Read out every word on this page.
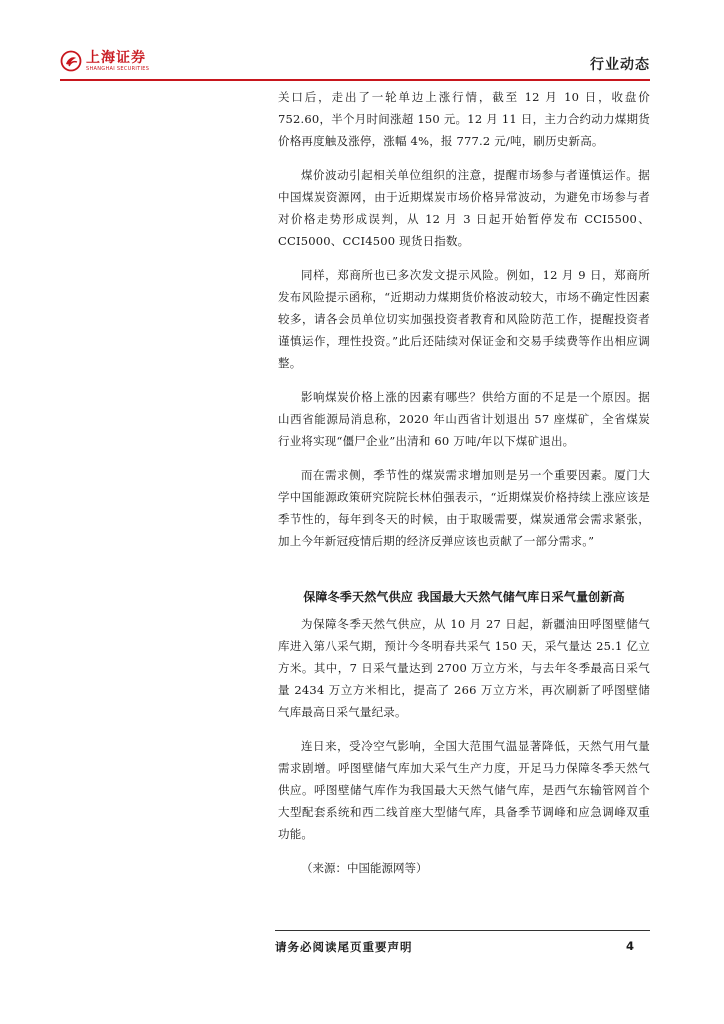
上海证券
SHANGHAI SECURITIES	行业动态

关口后，走出了一轮单边上涨行情，截至 12 月 10 日，收盘价 752.60，半个月时间涨超 150 元。12 月 11 日，主力合约动力煤期货价格再度触及涨停，涨幅 4%，报 777.2 元/吨，刷历史新高。

煤价波动引起相关单位组织的注意，提醒市场参与者谨慎运作。据中国煤炭资源网，由于近期煤炭市场价格异常波动，为避免市场参与者对价格走势形成误判，从 12 月 3 日起开始暂停发布 CCI5500、CCI5000、CCI4500 现货日指数。

同样，郑商所也已多次发文提示风险。例如，12 月 9 日，郑商所发布风险提示函称，“近期动力煤期货价格波动较大，市场不确定性因素较多，请各会员单位切实加强投资者教育和风险防范工作，提醒投资者谨慎运作，理性投资。”此后还陆续对保证金和交易手续费等作出相应调整。

影响煤炭价格上涨的因素有哪些？供给方面的不足是一个原因。据山西省能源局消息称，2020 年山西省计划退出 57 座煤矿，全省煤炭行业将实现“僵尸企业”出清和 60 万吨/年以下煤矿退出。

而在需求侧，季节性的煤炭需求增加则是另一个重要因素。厦门大学中国能源政策研究院院长林伯强表示，“近期煤炭价格持续上涨应该是季节性的，每年到冬天的时候，由于取暖需要，煤炭通常会需求紧张，加上今年新冠疫情后期的经济反弹应该也贡献了一部分需求。”

保障冬季天然气供应 我国最大天然气储气库日采气量创新高

为保障冬季天然气供应，从 10 月 27 日起，新疆油田呼图壁储气库进入第八采气期，预计今冬明春共采气 150 天，采气量达 25.1 亿立方米。其中，7 日采气量达到 2700 万立方米，与去年冬季最高日采气量 2434 万立方米相比，提高了 266 万立方米，再次刷新了呼图壁储气库最高日采气量纪录。

连日来，受冷空气影响，全国大范围气温显著降低，天然气用气量需求剧增。呼图壁储气库加大采气生产力度，开足马力保障冬季天然气供应。呼图壁储气库作为我国最大天然气储气库，是西气东输管网首个大型配套系统和西二线首座大型储气库，具备季节调峰和应急调峰双重功能。

（来源：中国能源网等）

请务必阅读尾页重要声明	4
